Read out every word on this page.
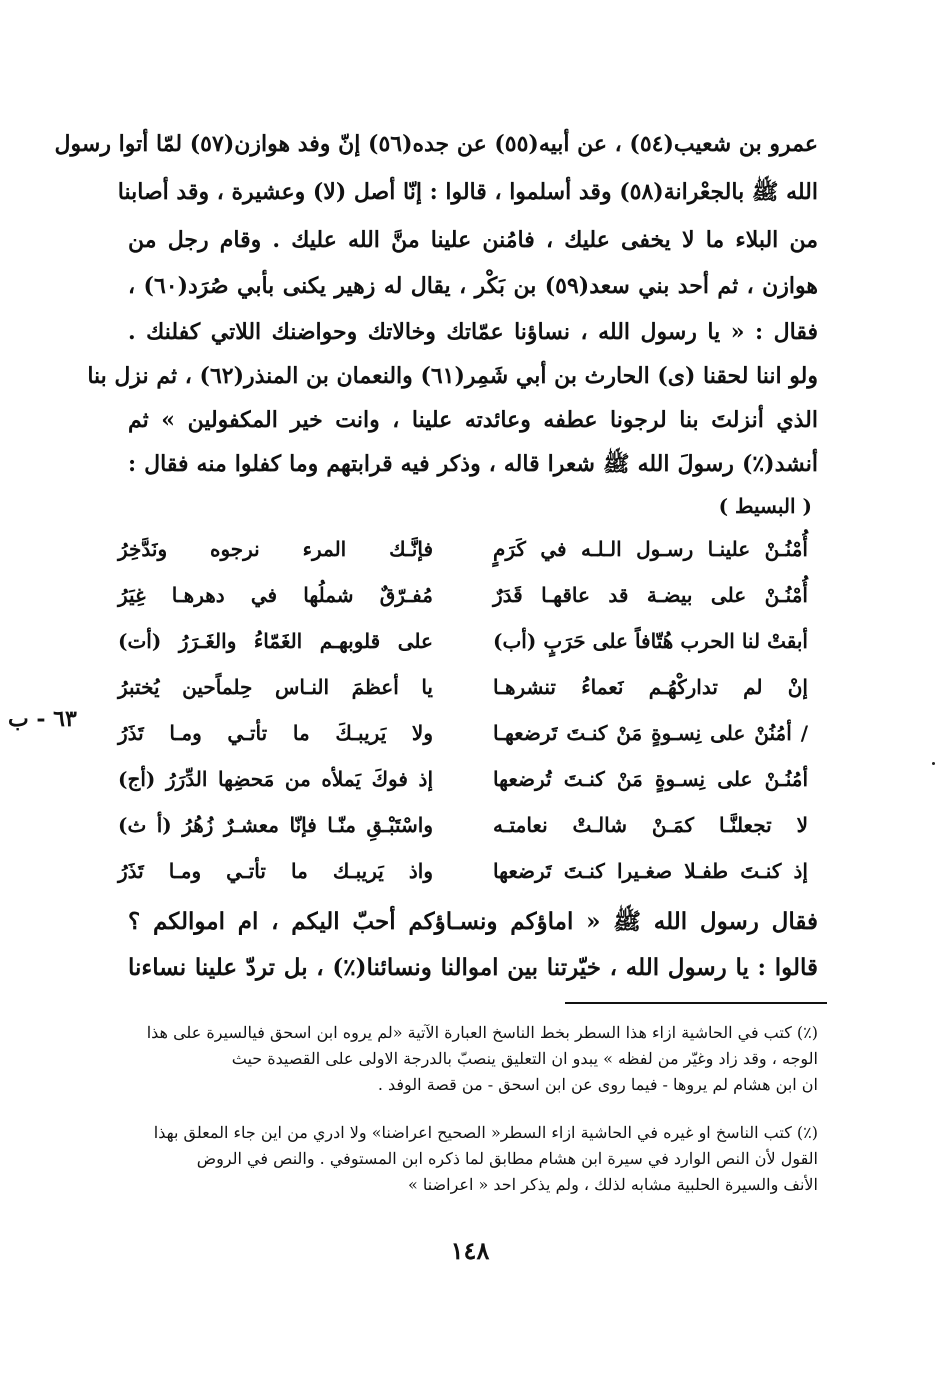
عمرو بن شعيب(٥٤) ، عن أبيه(٥٥) عن جده(٥٦) إنّ وفد هوازن(٥٧) لمّا أتوا رسول
الله ﷺ بالجعْرانة(٥٨) وقد أسلموا ، قالوا : إنّا أصل (لا) وعشيرة ، وقد أصابنا
من البلاء ما لا يخفى عليك ، فامُنن علينا منَّ الله عليك . وقام رجل من
هوازن ، ثم أحد بني سعد(٥٩) بن بَكْر ، يقال له زهير يكنى بأبي صُرَد(٦٠) ،
فقال : « يا رسول الله ، نساؤنا عمّاتك وخالاتك وحواضنك اللاتي كفلنك .
ولو اننا لحقنا (ى) الحارث بن أبي شَمِر(٦١) والنعمان بن المنذر(٦٢) ، ثم نزل بنا
الذي أنزلتَ بنا لرجونا عطفه وعائدته علينا ، وانت خير المكفولين » ثم
أنشد(٪) رسولَ الله ﷺ شعرا قاله ، وذكر فيه قرابتهم وما كفلوا منه فقال :
( البسيط )
أُمْنُـنْ علينـا رسـول الـلـه في كَرَمٍ
فإنَّـك المرء نرجوه ونَدَّخِرُ
أُمْنُـنْ على بيضـة قد عاقهـا قَدَرٌ
مُفـرّقٌ شملُها في دهرهـا غِيَرُ
أبقتْ لنا الحرب هُتّافاً على حَرَبٍ (أب)
على قلوبهـم الغَمّاءُ والغَـرَرُ (أت)
إنْ لم تداركْهُـم نَعماءُ تنشرهـا
يا أعظمَ النـاس حِلماًحين يُختبرُ
/ أمُنُنْ على نِسـوةٍ مَنْ كنـتَ تَرضعهـا
ولا يَريبـكَ ما تأتـي ومـا تَذَرُ
أمُنُـنْ على نِسـوةٍ مَنْ كنـتَ تُرضعها
إذ فوكَ يَملأه من مَحضِها الدِّرَرُ (أج)
لا تجعلنَّـا كمَـنْ شالـتْ نعامتـه
واسْتَبْـقِ منّـا فإنّا معشـرٌ زُهُرُ (أ ث)
إذ كنـتَ طفـلا صغـيرا كنـتَ تَرضعها
واذ يَريبـك ما تأتـي ومـا تَذَرُ
٦٣ - ب
فقال رسول الله ﷺ « اماؤكم ونسـاؤكم أحبّ اليكم ، ام اموالكم ؟
قالوا : يا رسول الله ، خيّرتنا بين اموالنا ونسائنا(٪) ، بل تردّ علينا نساءنا
(٪) كتب في الحاشية ازاء هذا السطر بخط الناسخ العبارة الآتية «لم يروه ابن اسحق فيالسيرة على هذا
الوجه ، وقد زاد وغيّر من لفظه » يبدو ان التعليق ينصبّ بالدرجة الاولى على القصيدة حيث
ان ابن هشام لم يروها - فيما روى عن ابن اسحق - من قصة الوفد .
(٪) كتب الناسخ او غيره في الحاشية ازاء السطر« الصحيح اعراضنا» ولا ادري من اين جاء المعلق بهذا
القول لأن النص الوارد في سيرة ابن هشام مطابق لما ذكره ابن المستوفي . والنص في الروض
الأنف والسيرة الحلبية مشابه لذلك ، ولم يذكر احد « اعراضنا »
١٤٨
